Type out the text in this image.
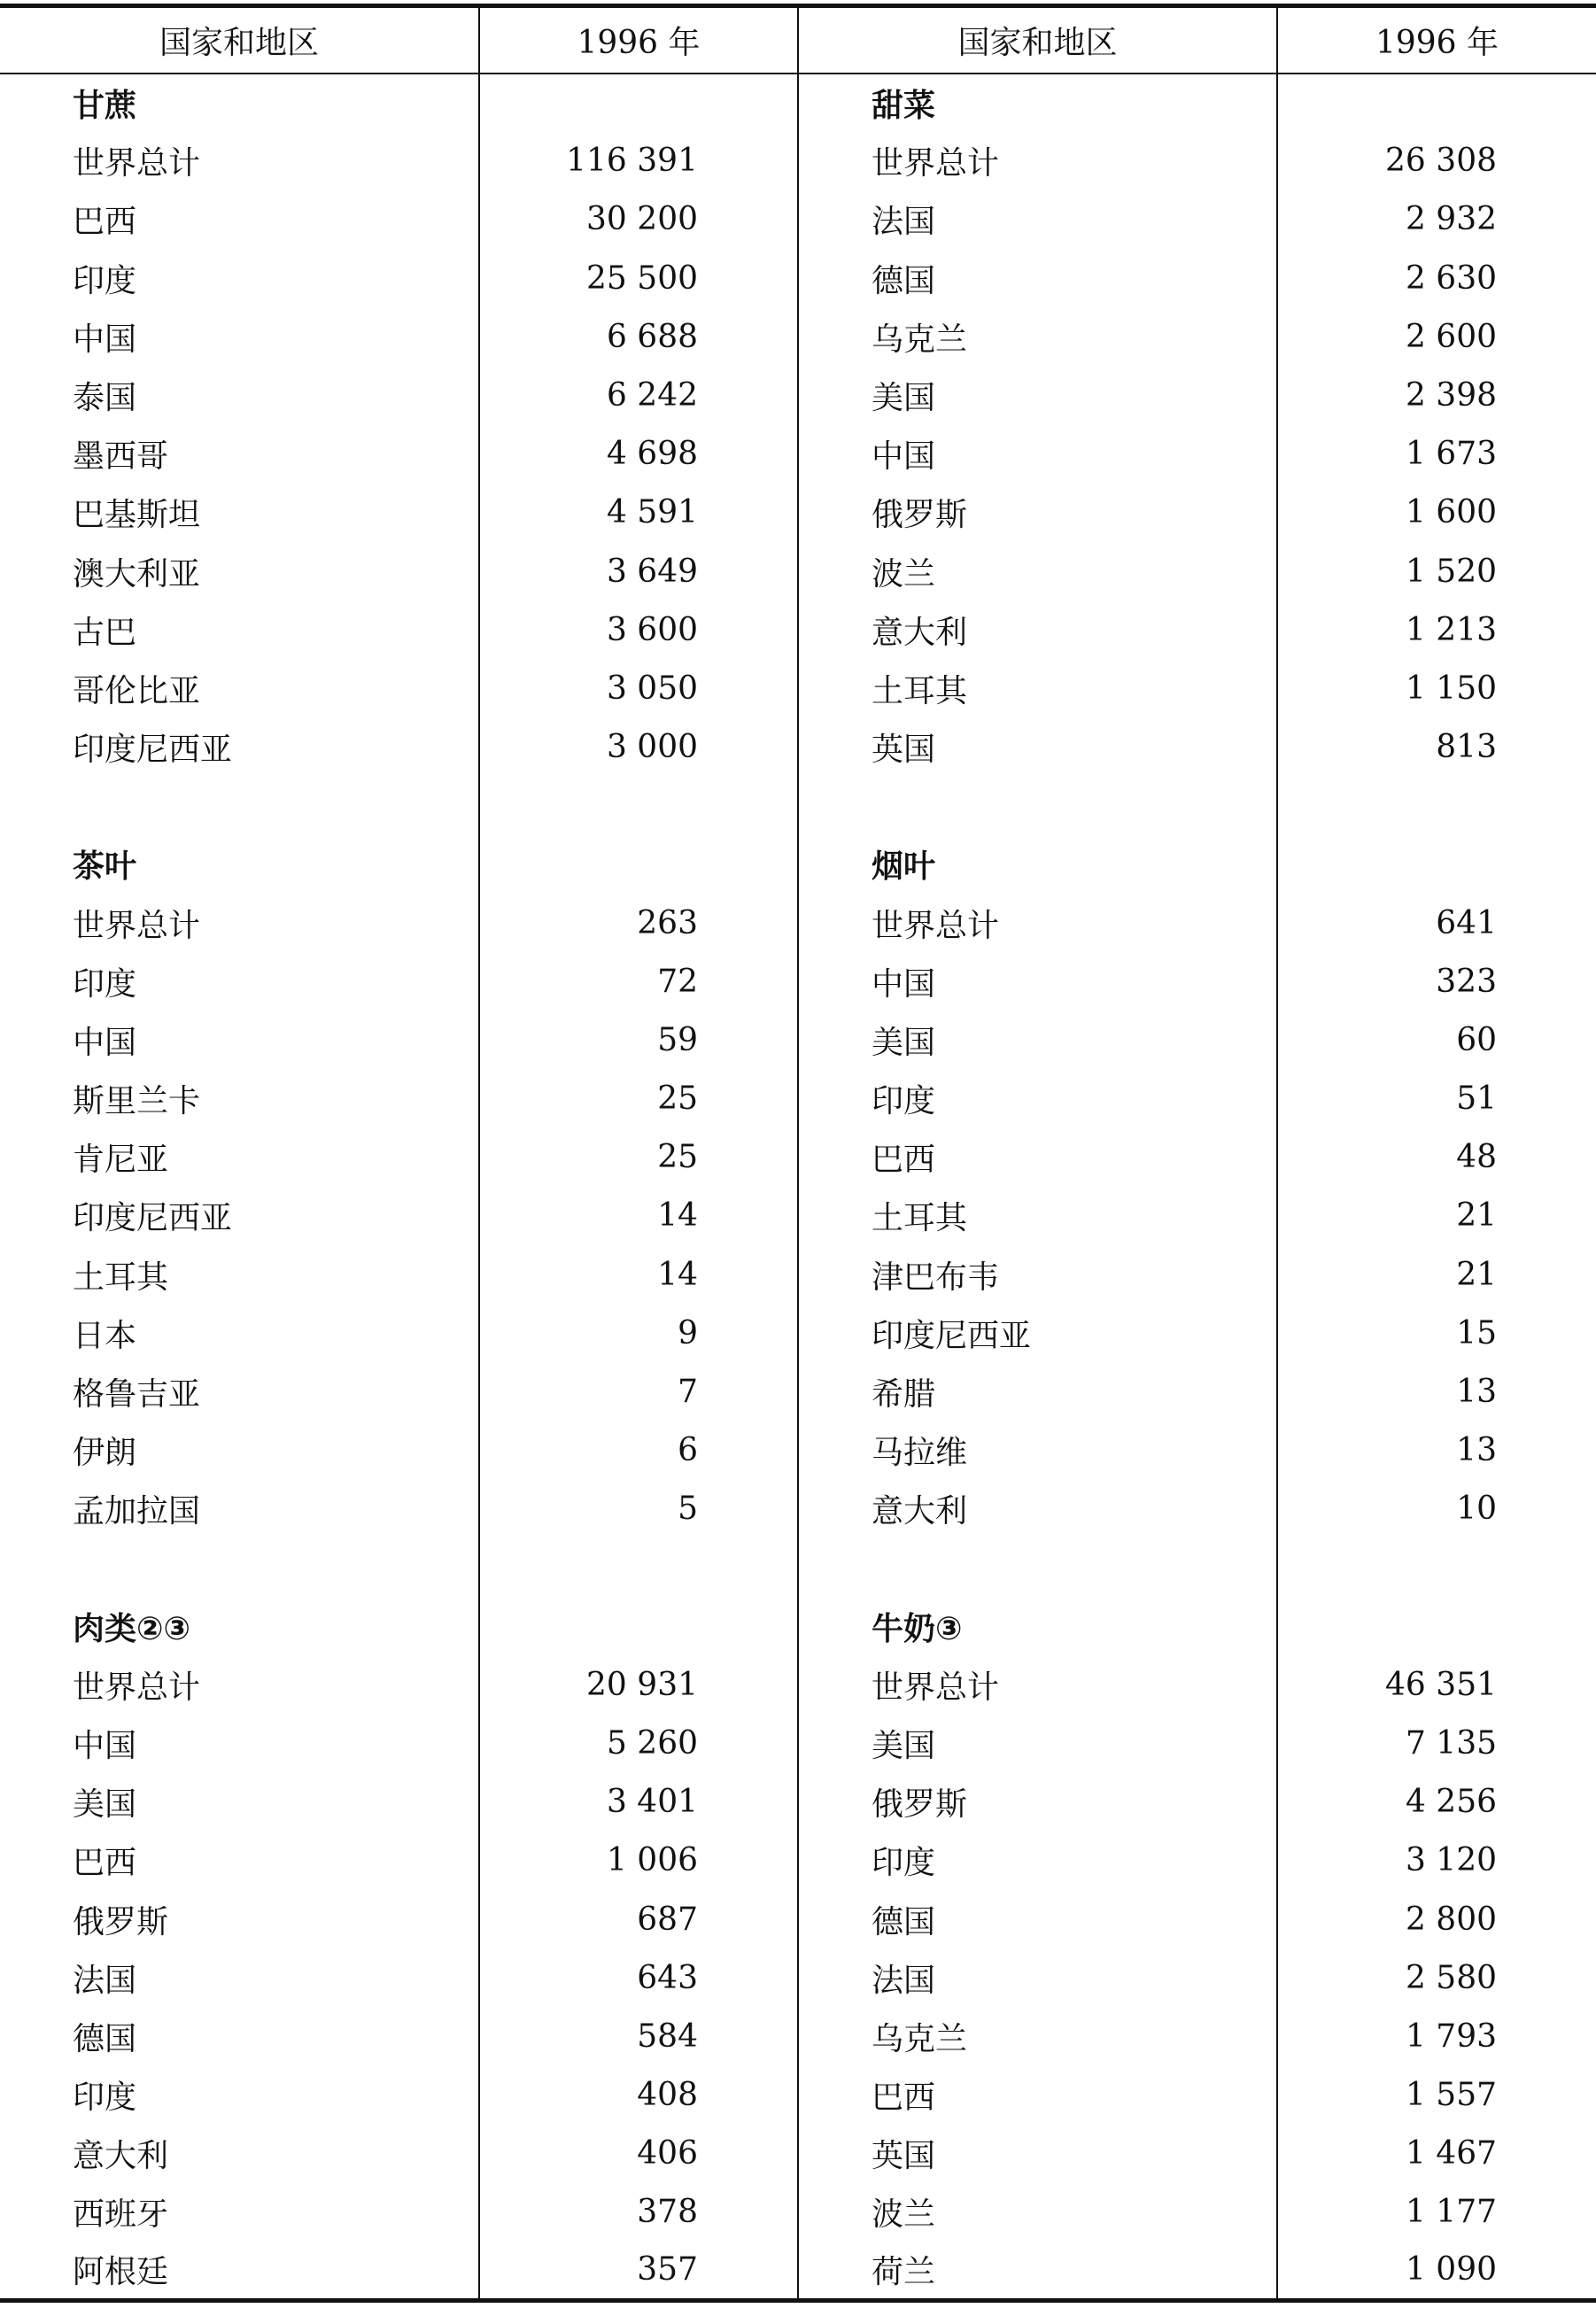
国家和地区	1996 年	国家和地区	1996 年
甘蔗		甜菜	
世界总计	116 391	世界总计	26 308
巴西	30 200	法国	2 932
印度	25 500	德国	2 630
中国	6 688	乌克兰	2 600
泰国	6 242	美国	2 398
墨西哥	4 698	中国	1 673
巴基斯坦	4 591	俄罗斯	1 600
澳大利亚	3 649	波兰	1 520
古巴	3 600	意大利	1 213
哥伦比亚	3 050	土耳其	1 150
印度尼西亚	3 000	英国	813

茶叶		烟叶	
世界总计	263	世界总计	641
印度	72	中国	323
中国	59	美国	60
斯里兰卡	25	印度	51
肯尼亚	25	巴西	48
印度尼西亚	14	土耳其	21
土耳其	14	津巴布韦	21
日本	9	印度尼西亚	15
格鲁吉亚	7	希腊	13
伊朗	6	马拉维	13
孟加拉国	5	意大利	10

肉类②③		牛奶③	
世界总计	20 931	世界总计	46 351
中国	5 260	美国	7 135
美国	3 401	俄罗斯	4 256
巴西	1 006	印度	3 120
俄罗斯	687	德国	2 800
法国	643	法国	2 580
德国	584	乌克兰	1 793
印度	408	巴西	1 557
意大利	406	英国	1 467
西班牙	378	波兰	1 177
阿根廷	357	荷兰	1 090
